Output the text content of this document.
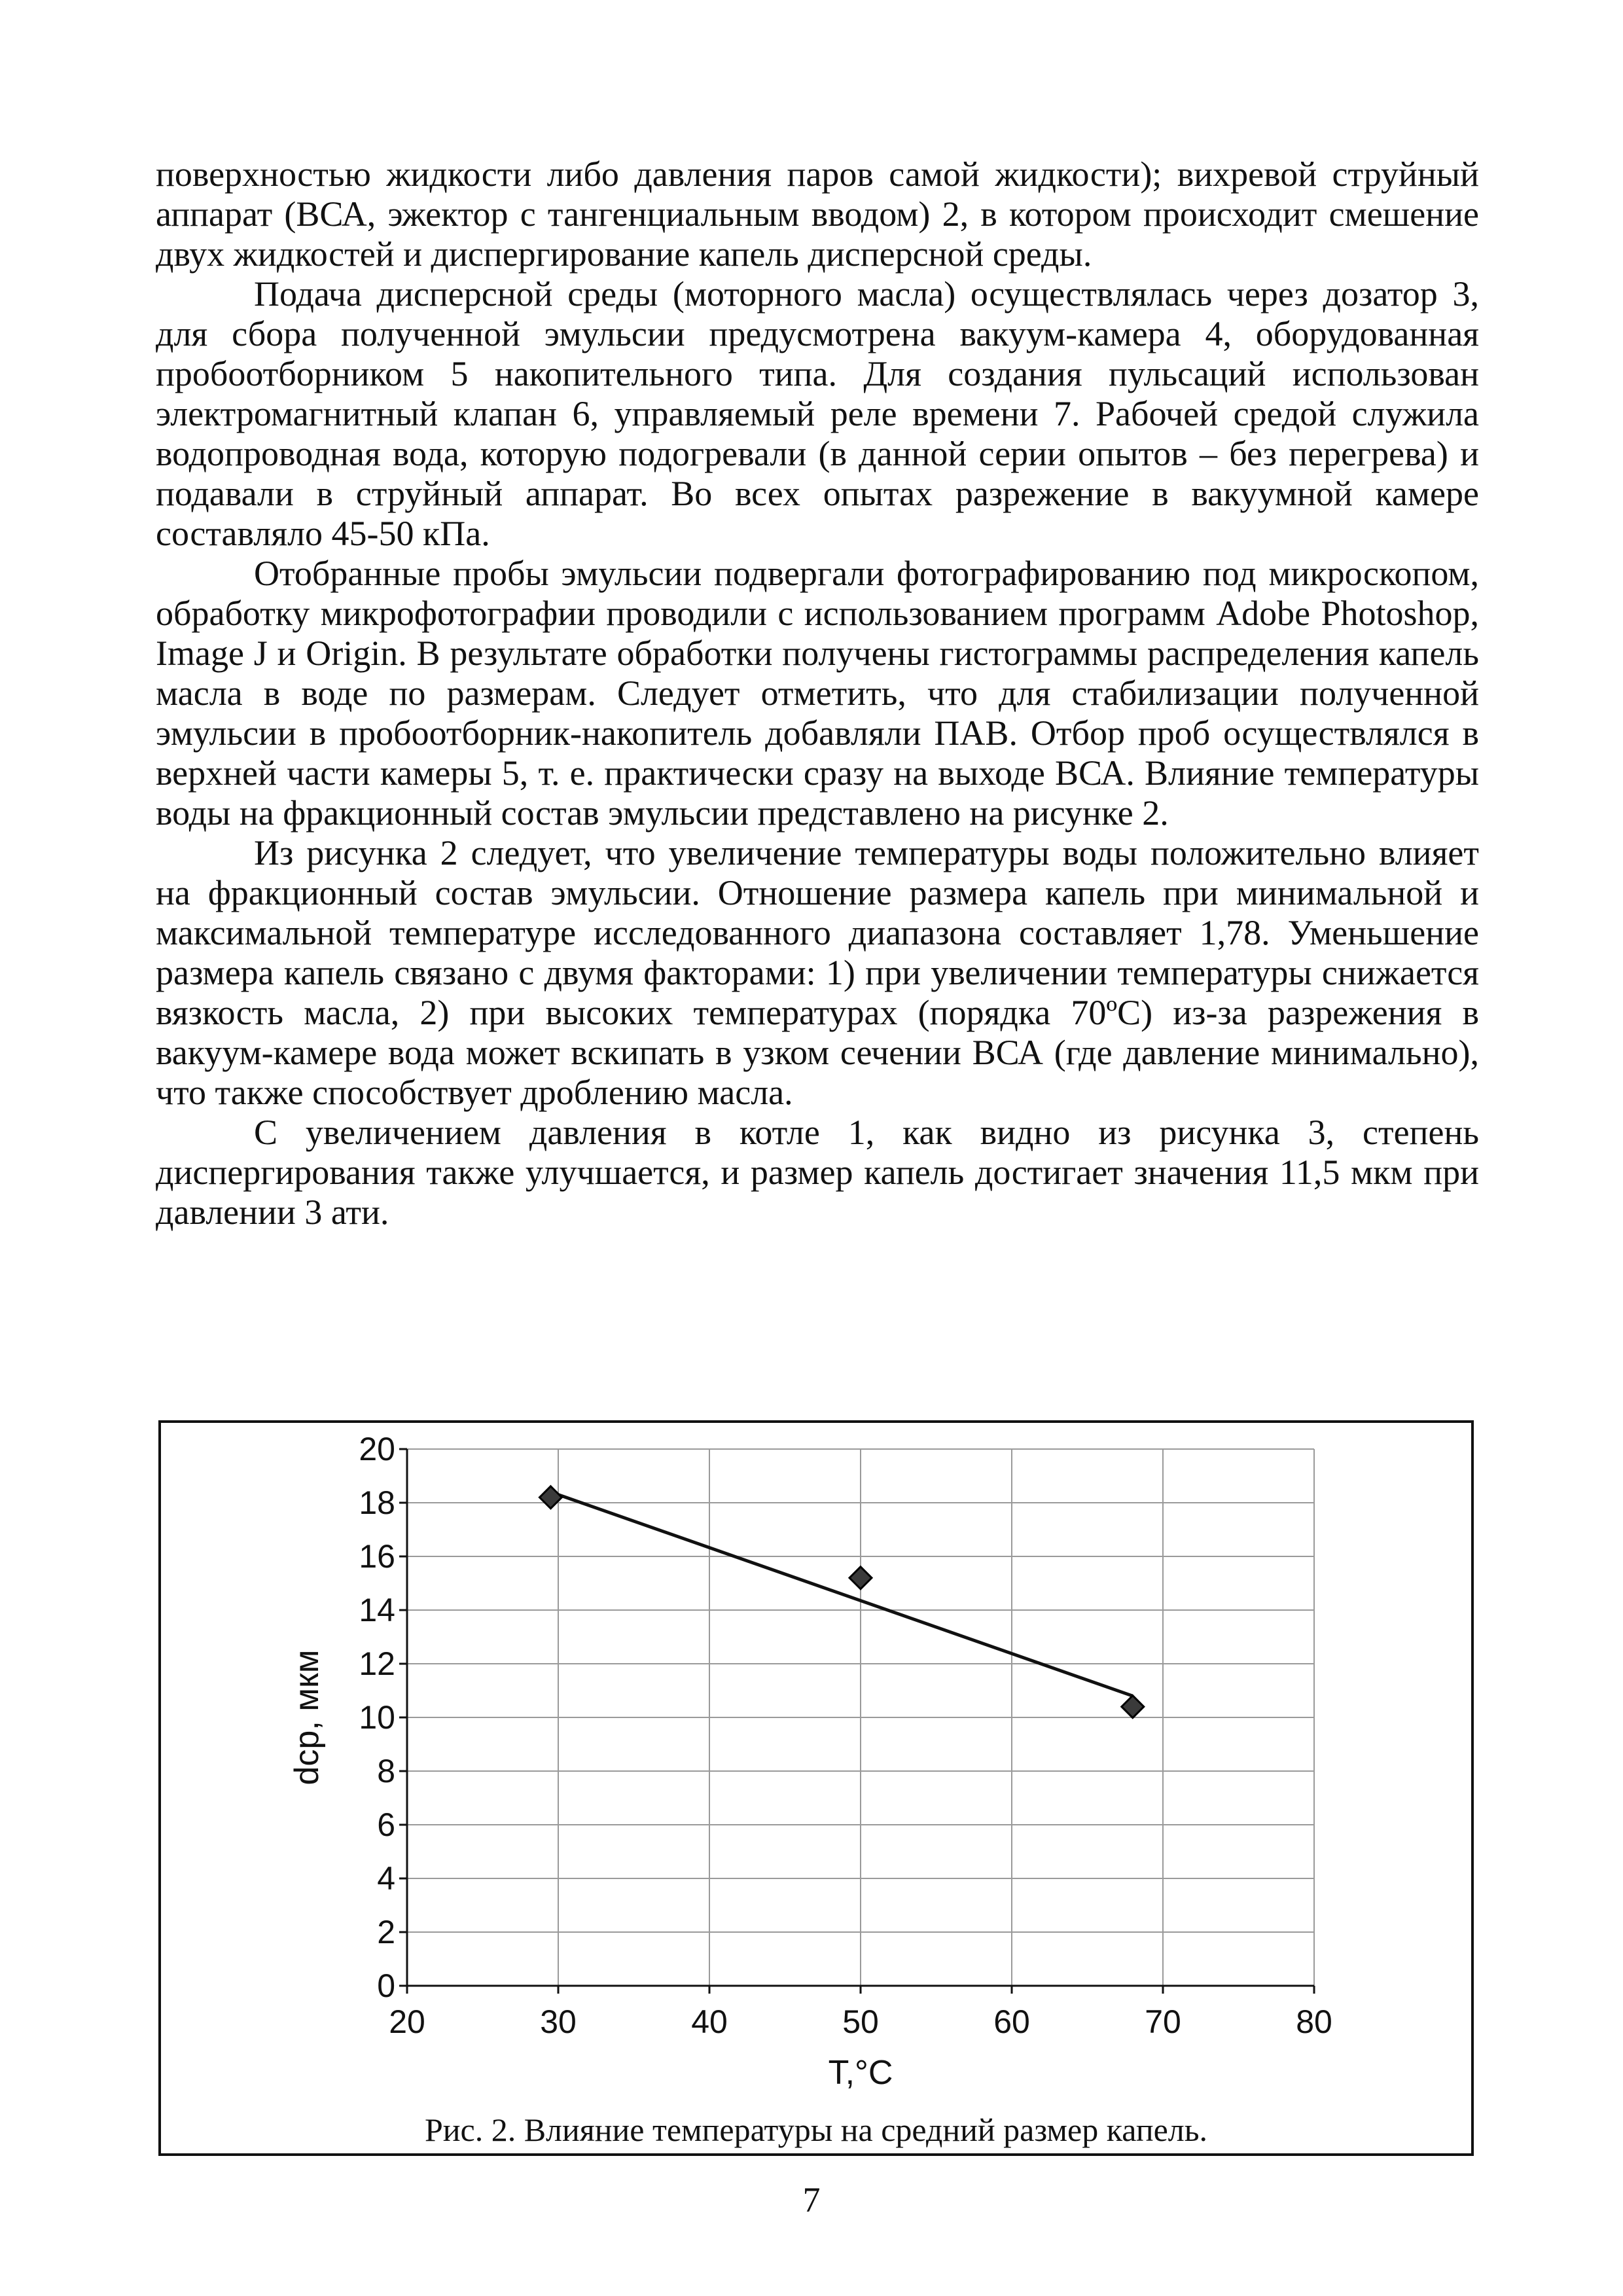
поверхностью жидкости либо давления паров самой жидкости); вихревой струйный аппарат (ВСА, эжектор с тангенциальным вводом) 2, в котором происходит смешение двух жидкостей и диспергирование капель дисперсной среды.

Подача дисперсной среды (моторного масла) осуществлялась через дозатор 3, для сбора полученной эмульсии предусмотрена вакуум-камера 4, оборудованная пробоотборником 5 накопительного типа. Для создания пульсаций использован электромагнитный клапан 6, управляемый реле времени 7. Рабочей средой служила водопроводная вода, которую подогревали (в данной серии опытов – без перегрева) и подавали в струйный аппарат. Во всех опытах разрежение в вакуумной камере составляло 45-50 кПа.

Отобранные пробы эмульсии подвергали фотографированию под микроскопом, обработку микрофотографии проводили с использованием программ Adobe Photoshop, Image J и Origin. В результате обработки получены гистограммы распределения капель масла в воде по размерам. Следует отметить, что для стабилизации полученной эмульсии в пробоотборник-накопитель добавляли ПАВ. Отбор проб осуществлялся в верхней части камеры 5, т. е. практически сразу на выходе ВСА. Влияние температуры воды на фракционный состав эмульсии представлено на рисунке 2.

Из рисунка 2 следует, что увеличение температуры воды положительно влияет на фракционный состав эмульсии. Отношение размера капель при минимальной и максимальной температуре исследованного диапазона составляет 1,78. Уменьшение размера капель связано с двумя факторами: 1) при увеличении температуры снижается вязкость масла, 2) при высоких температурах (порядка 70ºС) из-за разрежения в вакуум-камере вода может вскипать в узком сечении ВСА (где давление минимально), что также способствует дроблению масла.

С увеличением давления в котле 1, как видно из рисунка 3, степень диспергирования также улучшается, и размер капель достигает значения 11,5 мкм при давлении 3 ати.

0
2
4
6
8
10
12
14
16
18
20
20	30	40	50	60	70	80
T,°C
dср, мкм
Рис. 2. Влияние температуры на средний размер капель.
7
